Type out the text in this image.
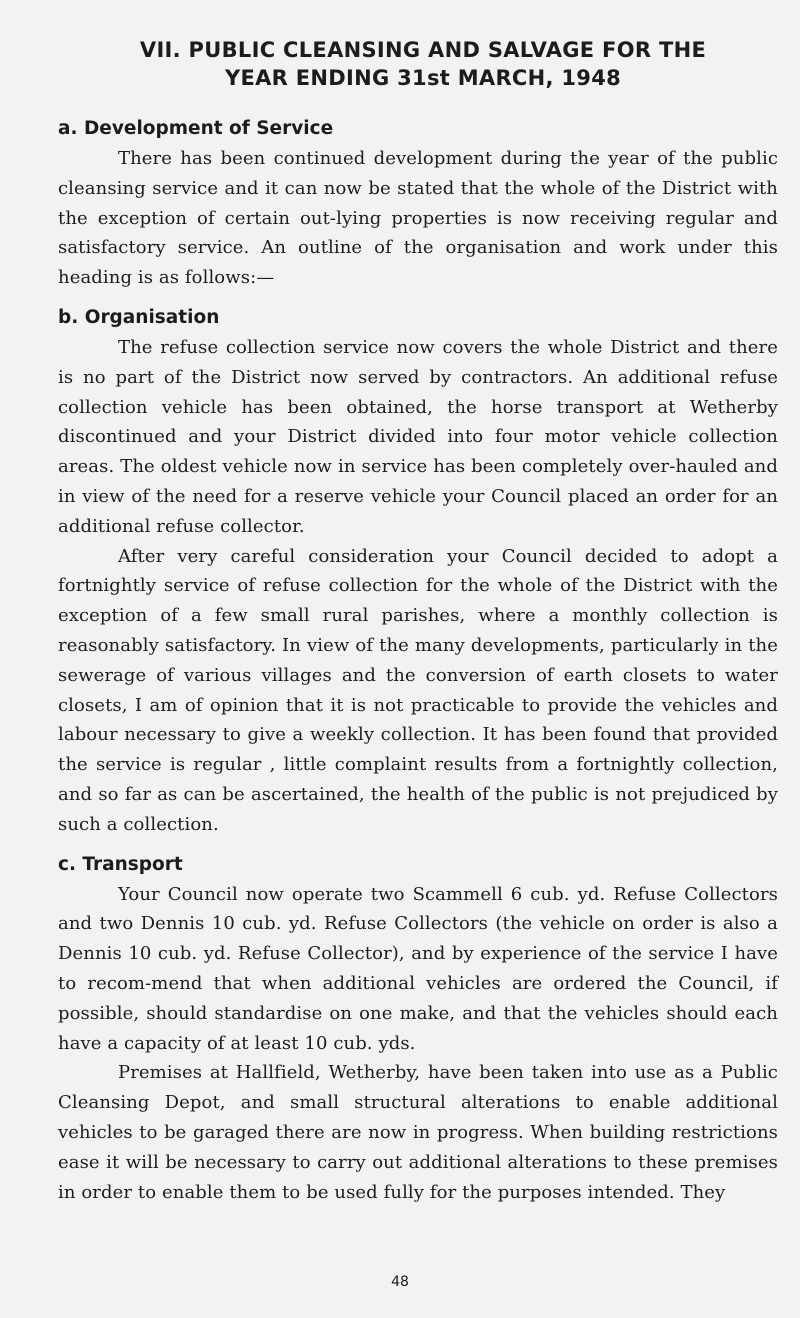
VII. PUBLIC CLEANSING AND SALVAGE FOR THE
YEAR ENDING 31st MARCH, 1948
a. Development of Service

There has been continued development during the year of the public cleansing service and it can now be stated that the whole of the District with the exception of certain out-lying properties is now receiving regular and satisfactory service. An outline of the organisation and work under this heading is as follows:—

b. Organisation

The refuse collection service now covers the whole District and there is no part of the District now served by contractors. An additional refuse collection vehicle has been obtained, the horse transport at Wetherby discontinued and your District divided into four motor vehicle collection areas. The oldest vehicle now in service has been completely over-hauled and in view of the need for a reserve vehicle your Council placed an order for an additional refuse collector.

After very careful consideration your Council decided to adopt a fortnightly service of refuse collection for the whole of the District with the exception of a few small rural parishes, where a monthly collection is reasonably satisfactory. In view of the many developments, particularly in the sewerage of various villages and the conversion of earth closets to water closets, I am of opinion that it is not practicable to provide the vehicles and labour necessary to give a weekly collection. It has been found that provided the service is regular , little complaint results from a fortnightly collection, and so far as can be ascertained, the health of the public is not prejudiced by such a collection.

c. Transport

Your Council now operate two Scammell 6 cub. yd. Refuse Collectors and two Dennis 10 cub. yd. Refuse Collectors (the vehicle on order is also a Dennis 10 cub. yd. Refuse Collector), and by experience of the service I have to recom-mend that when additional vehicles are ordered the Council, if possible, should standardise on one make, and that the vehicles should each have a capacity of at least 10 cub. yds.

Premises at Hallfield, Wetherby, have been taken into use as a Public Cleansing Depot, and small structural alterations to enable additional vehicles to be garaged there are now in progress. When building restrictions ease it will be necessary to carry out additional alterations to these premises in order to enable them to be used fully for the purposes intended. They

48
